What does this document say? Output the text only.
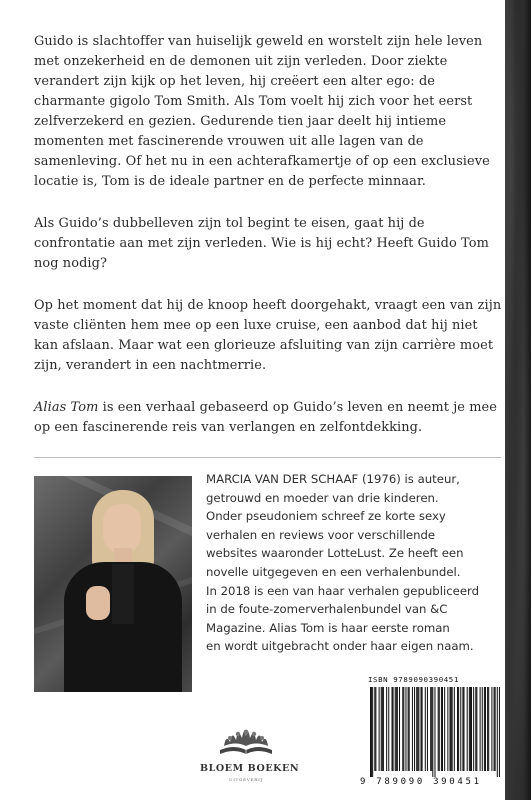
Guido is slachtoffer van huiselijk geweld en worstelt zijn hele leven met onzekerheid en de demonen uit zijn verleden. Door ziekte verandert zijn kijk op het leven, hij creëert een alter ego: de charmante gigolo Tom Smith. Als Tom voelt hij zich voor het eerst zelfverzekerd en gezien. Gedurende tien jaar deelt hij intieme momenten met fascinerende vrouwen uit alle lagen van de samenleving. Of het nu in een achterafkamertje of op een exclusieve locatie is, Tom is de ideale partner en de perfecte minnaar.

Als Guido’s dubbelleven zijn tol begint te eisen, gaat hij de confrontatie aan met zijn verleden. Wie is hij echt? Heeft Guido Tom nog nodig?

Op het moment dat hij de knoop heeft doorgehakt, vraagt een van zijn vaste cliënten hem mee op een luxe cruise, een aanbod dat hij niet kan afslaan. Maar wat een glorieuze afsluiting van zijn carrière moet zijn, verandert in een nachtmerrie.

Alias Tom is een verhaal gebaseerd op Guido’s leven en neemt je mee op een fascinerende reis van verlangen en zelfontdekking.

MARCIA VAN DER SCHAAF (1976) is auteur,
getrouwd en moeder van drie kinderen.
Onder pseudoniem schreef ze korte sexy
verhalen en reviews voor verschillende
websites waaronder LotteLust. Ze heeft een
novelle uitgegeven en een verhalenbundel.
In 2018 is een van haar verhalen gepubliceerd
in de foute-zomerverhalenbundel van &C
Magazine. Alias Tom is haar eerste roman
en wordt uitgebracht onder haar eigen naam.
BLOEM BOEKEN
UITGEVERIJ
ISBN 9789090390451
9 789090 390451
